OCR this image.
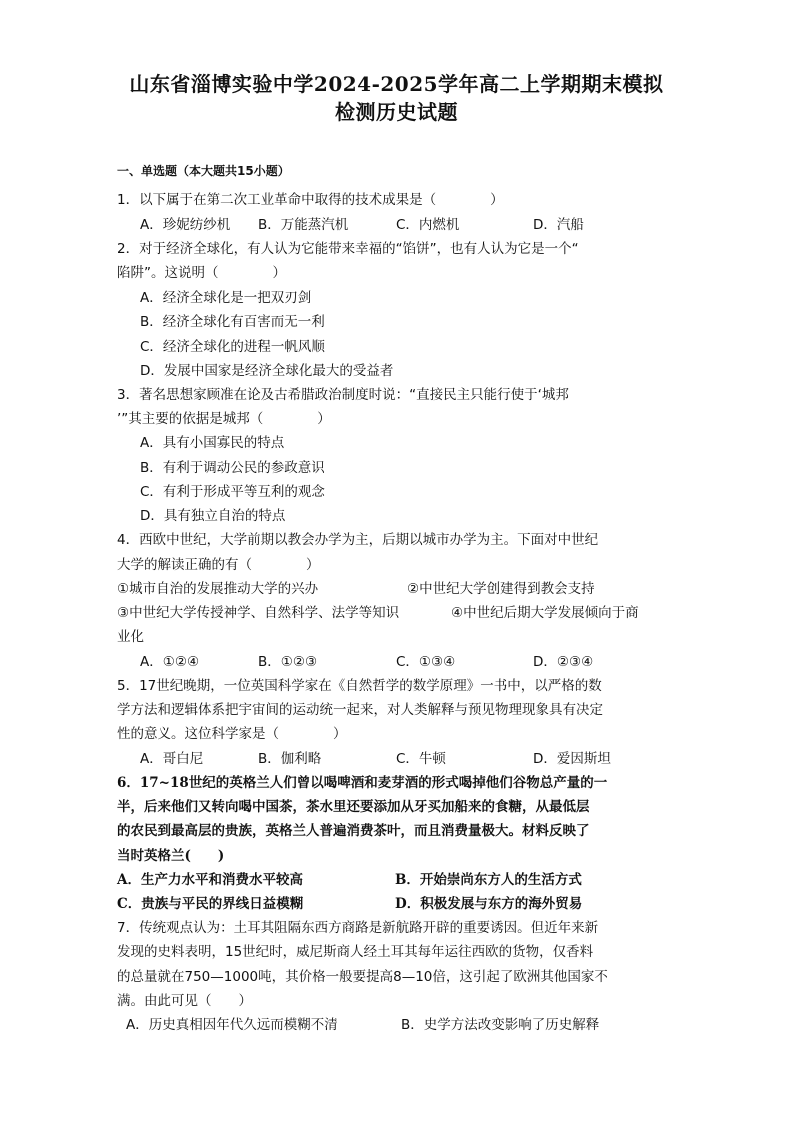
山东省淄博实验中学2024-2025学年高二上学期期末模拟
检测历史试题
一、单选题（本大题共15小题）
1．以下属于在第二次工业革命中取得的技术成果是（　　　　）
A．珍妮纺纱机 B．万能蒸汽机	C．内燃机	D．汽船
2．对于经济全球化，有人认为它能带来幸福的“馅饼”，也有人认为它是一个“
陷阱”。这说明（　　　　）
A．经济全球化是一把双刃剑
B．经济全球化有百害而无一利
C．经济全球化的进程一帆风顺
D．发展中国家是经济全球化最大的受益者
3．著名思想家顾准在论及古希腊政治制度时说：“直接民主只能行使于‘城邦
’”其主要的依据是城邦（　　　　）
A．具有小国寡民的特点
B．有利于调动公民的参政意识
C．有利于形成平等互利的观念
D．具有独立自治的特点
4．西欧中世纪，大学前期以教会办学为主，后期以城市办学为主。下面对中世纪
大学的解读正确的有（　　　　）
①城市自治的发展推动大学的兴办	②中世纪大学创建得到教会支持
③中世纪大学传授神学、自然科学、法学等知识	④中世纪后期大学发展倾向于商
业化
A．①②④	B．①②③	C．①③④	D．②③④
5．17世纪晚期，一位英国科学家在《自然哲学的数学原理》一书中，以严格的数
学方法和逻辑体系把宇宙间的运动统一起来，对人类解释与预见物理现象具有决定
性的意义。这位科学家是（　　　　）
A．哥白尼	B．伽利略	C．牛顿	D．爱因斯坦
6．17~18世纪的英格兰人们曾以喝啤酒和麦芽酒的形式喝掉他们谷物总产量的一
半，后来他们又转向喝中国茶，茶水里还要添加从牙买加船来的食糖，从最低层
的农民到最高层的贵族，英格兰人普遍消费茶叶，而且消费量极大。材料反映了
当时英格兰(　　)
A．生产力水平和消费水平较高	B．开始崇尚东方人的生活方式
C．贵族与平民的界线日益模糊	D．积极发展与东方的海外贸易
7．传统观点认为：土耳其阻隔东西方商路是新航路开辟的重要诱因。但近年来新
发现的史料表明，15世纪时，威尼斯商人经土耳其每年运往西欧的货物，仅香料
的总量就在750—1000吨，其价格一般要提高8—10倍，这引起了欧洲其他国家不
满。由此可见（　　）
A．历史真相因年代久远而模糊不清	B．史学方法改变影响了历史解释
